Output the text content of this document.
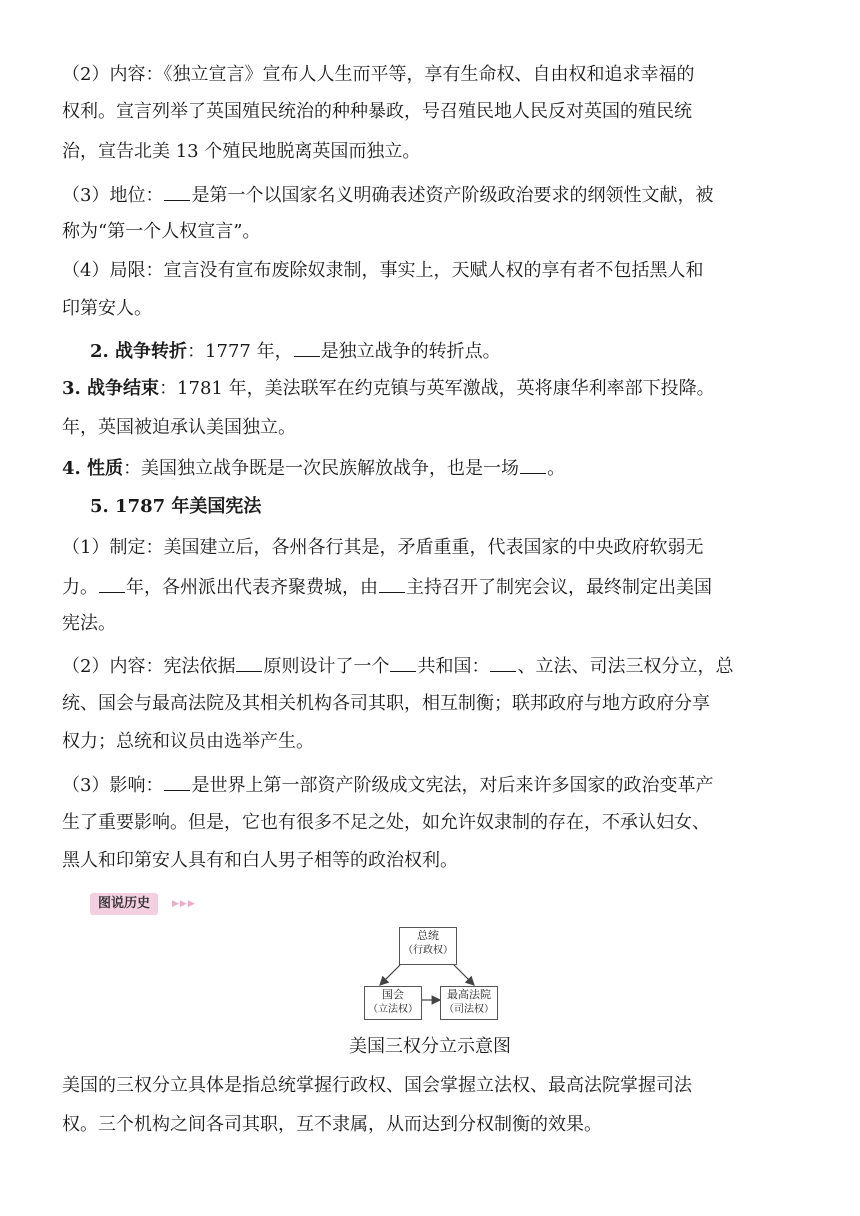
（2）内容：《独立宣言》宣布人人生而平等，享有生命权、自由权和追求幸福的
权利。宣言列举了英国殖民统治的种种暴政，号召殖民地人民反对英国的殖民统
治，宣告北美 13 个殖民地脱离英国而独立。
（3）地位： 是第一个以国家名义明确表述资产阶级政治要求的纲领性文献，被
称为“第一个人权宣言”。
（4）局限：宣言没有宣布废除奴隶制，事实上，天赋人权的享有者不包括黑人和
印第安人。
2. 战争转折：1777 年， 是独立战争的转折点。
3. 战争结束：1781 年，美法联军在约克镇与英军激战，英将康华利率部下投降。
年，英国被迫承认美国独立。
4. 性质：美国独立战争既是一次民族解放战争，也是一场 。
5. 1787 年美国宪法
（1）制定：美国建立后，各州各行其是，矛盾重重，代表国家的中央政府软弱无
力。 年，各州派出代表齐聚费城，由 主持召开了制宪会议，最终制定出美国
宪法。
（2）内容：宪法依据 原则设计了一个 共和国： 、立法、司法三权分立，总
统、国会与最高法院及其相关机构各司其职，相互制衡；联邦政府与地方政府分享
权力；总统和议员由选举产生。
（3）影响： 是世界上第一部资产阶级成文宪法，对后来许多国家的政治变革产
生了重要影响。但是，它也有很多不足之处，如允许奴隶制的存在，不承认妇女、
黑人和印第安人具有和白人男子相等的政治权利。
图说历史	▶▶▶
总统
（行政权）
国会
（立法权）
最高法院
（司法权）
美国三权分立示意图
美国的三权分立具体是指总统掌握行政权、国会掌握立法权、最高法院掌握司法
权。三个机构之间各司其职，互不隶属，从而达到分权制衡的效果。
